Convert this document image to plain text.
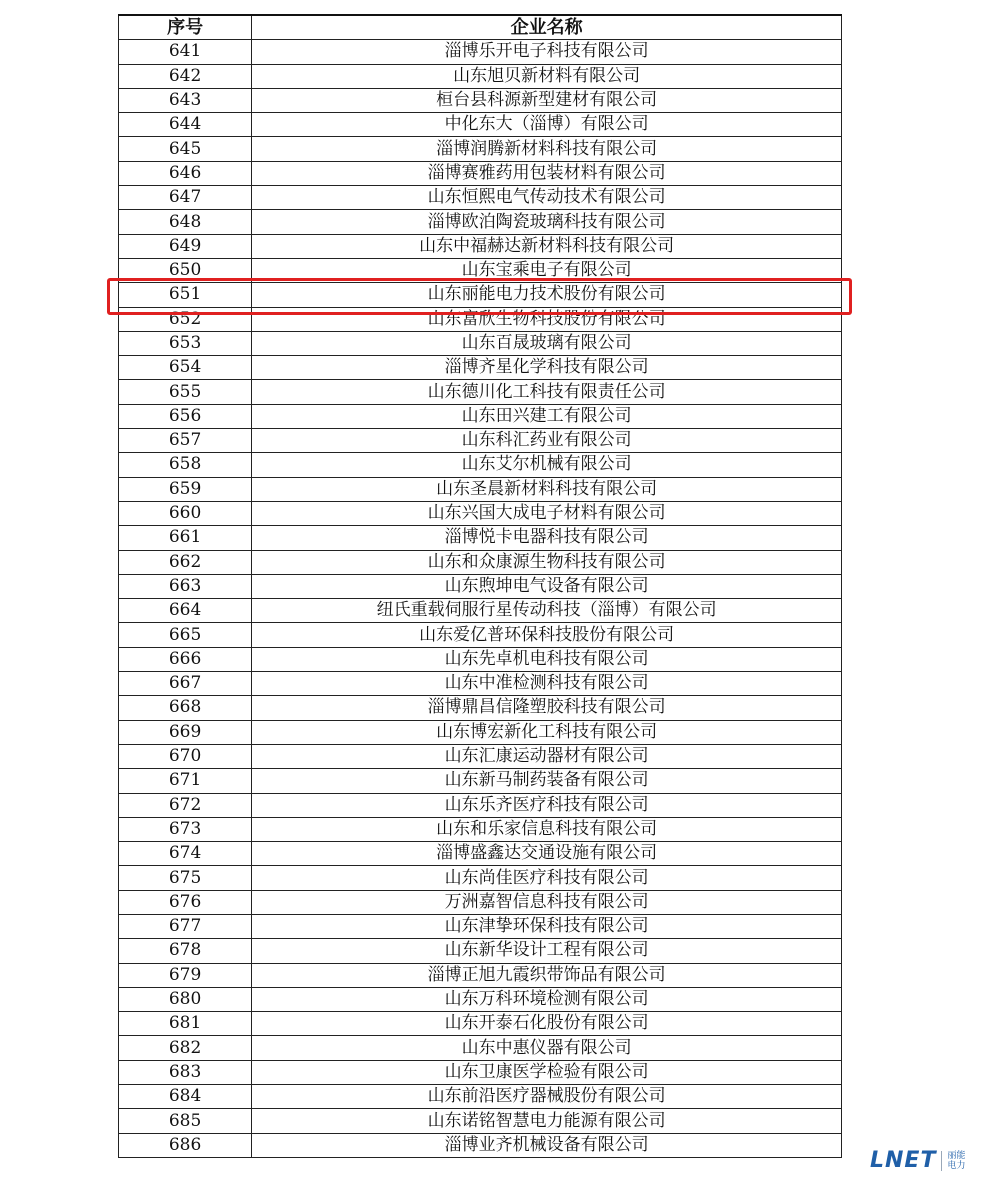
序号	企业名称
641	淄博乐开电子科技有限公司
642	山东旭贝新材料有限公司
643	桓台县科源新型建材有限公司
644	中化东大（淄博）有限公司
645	淄博润腾新材料科技有限公司
646	淄博赛雅药用包装材料有限公司
647	山东恒熙电气传动技术有限公司
648	淄博欧泊陶瓷玻璃科技有限公司
649	山东中福赫达新材料科技有限公司
650	山东宝乘电子有限公司
651	山东丽能电力技术股份有限公司
652	山东富欣生物科技股份有限公司
653	山东百晟玻璃有限公司
654	淄博齐星化学科技有限公司
655	山东德川化工科技有限责任公司
656	山东田兴建工有限公司
657	山东科汇药业有限公司
658	山东艾尔机械有限公司
659	山东圣晨新材料科技有限公司
660	山东兴国大成电子材料有限公司
661	淄博悦卡电器科技有限公司
662	山东和众康源生物科技有限公司
663	山东煦坤电气设备有限公司
664	纽氏重载伺服行星传动科技（淄博）有限公司
665	山东爱亿普环保科技股份有限公司
666	山东先卓机电科技有限公司
667	山东中准检测科技有限公司
668	淄博鼎昌信隆塑胶科技有限公司
669	山东博宏新化工科技有限公司
670	山东汇康运动器材有限公司
671	山东新马制药装备有限公司
672	山东乐齐医疗科技有限公司
673	山东和乐家信息科技有限公司
674	淄博盛鑫达交通设施有限公司
675	山东尚佳医疗科技有限公司
676	万洲嘉智信息科技有限公司
677	山东津挚环保科技有限公司
678	山东新华设计工程有限公司
679	淄博正旭九霞织带饰品有限公司
680	山东万科环境检测有限公司
681	山东开泰石化股份有限公司
682	山东中惠仪器有限公司
683	山东卫康医学检验有限公司
684	山东前沿医疗器械股份有限公司
685	山东诺铭智慧电力能源有限公司
686	淄博业齐机械设备有限公司
LNET 丽能电力
